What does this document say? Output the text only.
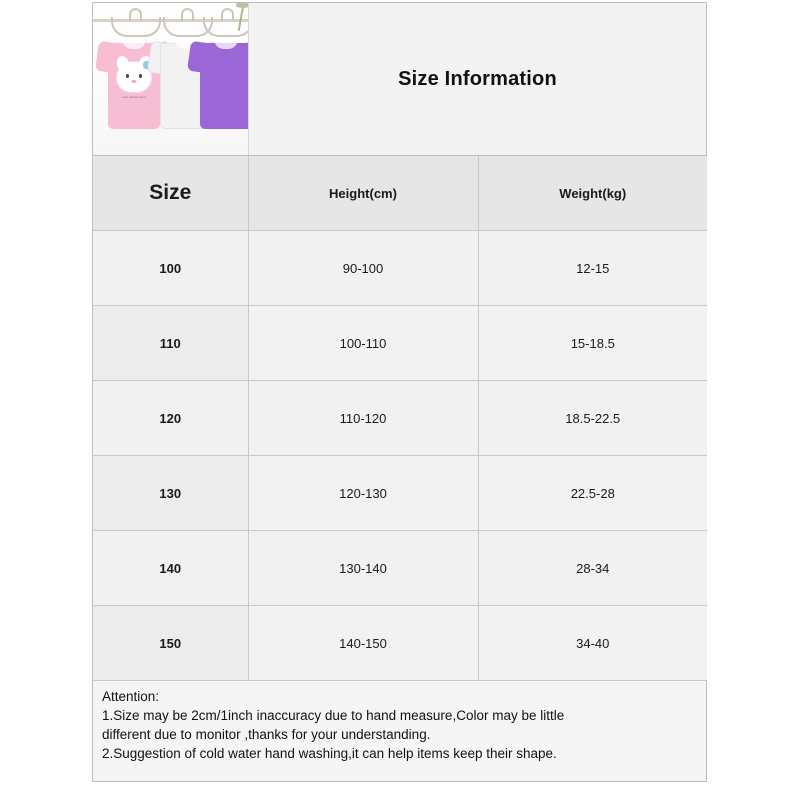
cute cartoon print
Size Information
Size	Height(cm)	Weight(kg)
100	90-100	12-15
110	100-110	15-18.5
120	110-120	18.5-22.5
130	120-130	22.5-28
140	130-140	28-34
150	140-150	34-40
Attention:
1.Size may be 2cm/1inch inaccuracy due to hand measure,Color may be little
different due to monitor ,thanks for your understanding.
2.Suggestion of cold water hand washing,it can help items keep their shape.
